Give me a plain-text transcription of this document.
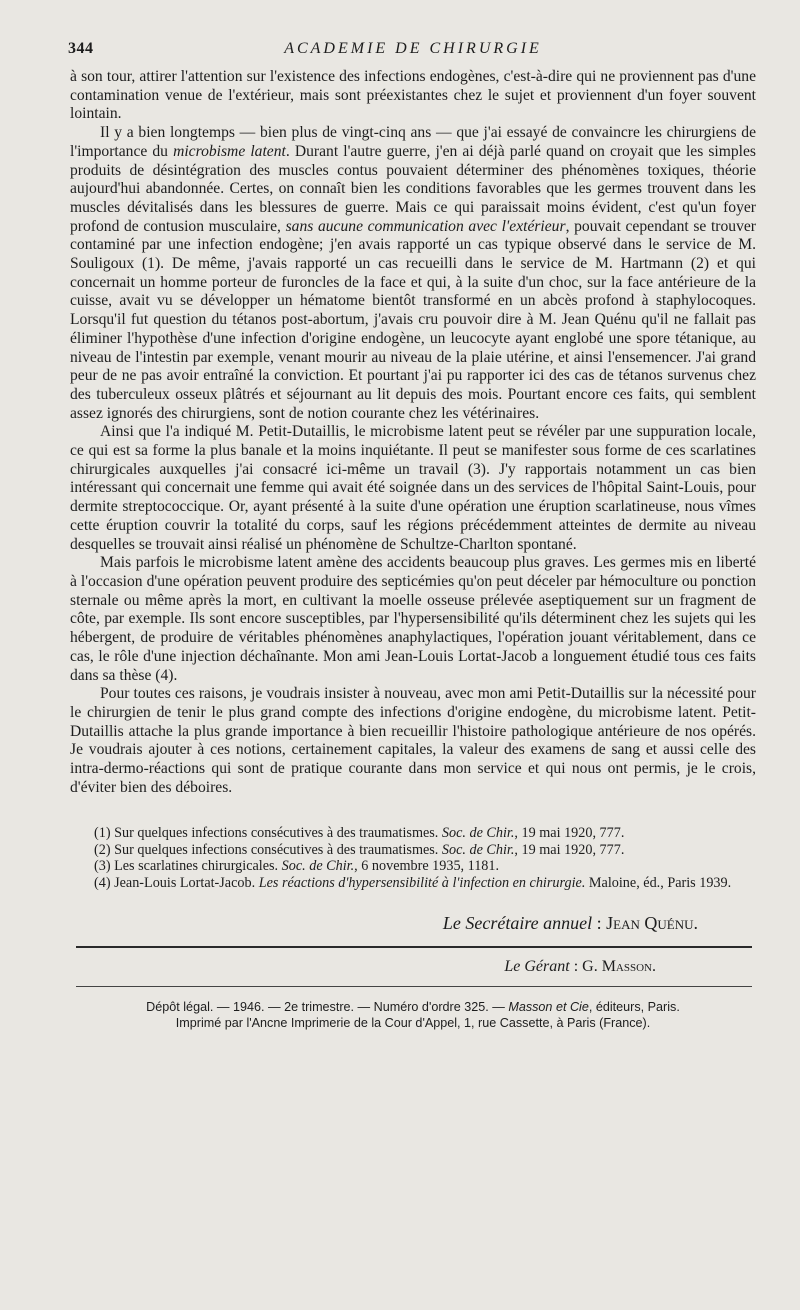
344	ACADEMIE DE CHIRURGIE

à son tour, attirer l'attention sur l'existence des infections endogènes, c'est-à-dire qui ne proviennent pas d'une contamination venue de l'extérieur, mais sont préexistantes chez le sujet et proviennent d'un foyer souvent lointain.

Il y a bien longtemps — bien plus de vingt-cinq ans — que j'ai essayé de convaincre les chirurgiens de l'importance du microbisme latent. Durant l'autre guerre, j'en ai déjà parlé quand on croyait que les simples produits de désintégration des muscles contus pouvaient déterminer des phénomènes toxiques, théorie aujourd'hui abandonnée. Certes, on connaît bien les conditions favorables que les germes trouvent dans les muscles dévitalisés dans les blessures de guerre. Mais ce qui paraissait moins évident, c'est qu'un foyer profond de contusion musculaire, sans aucune communication avec l'extérieur, pouvait cependant se trouver contaminé par une infection endogène; j'en avais rapporté un cas typique observé dans le service de M. Souligoux (1). De même, j'avais rapporté un cas recueilli dans le service de M. Hartmann (2) et qui concernait un homme porteur de furoncles de la face et qui, à la suite d'un choc, sur la face antérieure de la cuisse, avait vu se développer un hématome bientôt transformé en un abcès profond à staphylocoques. Lorsqu'il fut question du tétanos post-abortum, j'avais cru pouvoir dire à M. Jean Quénu qu'il ne fallait pas éliminer l'hypothèse d'une infection d'origine endogène, un leucocyte ayant englobé une spore tétanique, au niveau de l'intestin par exemple, venant mourir au niveau de la plaie utérine, et ainsi l'ensemencer. J'ai grand peur de ne pas avoir entraîné la conviction. Et pourtant j'ai pu rapporter ici des cas de tétanos survenus chez des tuberculeux osseux plâtrés et séjournant au lit depuis des mois. Pourtant encore ces faits, qui semblent assez ignorés des chirurgiens, sont de notion courante chez les vétérinaires.

Ainsi que l'a indiqué M. Petit-Dutaillis, le microbisme latent peut se révéler par une suppuration locale, ce qui est sa forme la plus banale et la moins inquiétante. Il peut se manifester sous forme de ces scarlatines chirurgicales auxquelles j'ai consacré ici-même un travail (3). J'y rapportais notamment un cas bien intéressant qui concernait une femme qui avait été soignée dans un des services de l'hôpital Saint-Louis, pour dermite streptococcique. Or, ayant présenté à la suite d'une opération une éruption scarlatineuse, nous vîmes cette éruption couvrir la totalité du corps, sauf les régions précédemment atteintes de dermite au niveau desquelles se trouvait ainsi réalisé un phénomène de Schultze-Charlton spontané.

Mais parfois le microbisme latent amène des accidents beaucoup plus graves. Les germes mis en liberté à l'occasion d'une opération peuvent produire des septicémies qu'on peut déceler par hémoculture ou ponction sternale ou même après la mort, en cultivant la moelle osseuse prélevée aseptiquement sur un fragment de côte, par exemple. Ils sont encore susceptibles, par l'hypersensibilité qu'ils déterminent chez les sujets qui les hébergent, de produire de véritables phénomènes anaphylactiques, l'opération jouant véritablement, dans ce cas, le rôle d'une injection déchaînante. Mon ami Jean-Louis Lortat-Jacob a longuement étudié tous ces faits dans sa thèse (4).

Pour toutes ces raisons, je voudrais insister à nouveau, avec mon ami Petit-Dutaillis sur la nécessité pour le chirurgien de tenir le plus grand compte des infections d'origine endogène, du microbisme latent. Petit-Dutaillis attache la plus grande importance à bien recueillir l'histoire pathologique antérieure de nos opérés. Je voudrais ajouter à ces notions, certainement capitales, la valeur des examens de sang et aussi celle des intra-dermo-réactions qui sont de pratique courante dans mon service et qui nous ont permis, je le crois, d'éviter bien des déboires.

(1) Sur quelques infections consécutives à des traumatismes. Soc. de Chir., 19 mai 1920, 777.

(2) Sur quelques infections consécutives à des traumatismes. Soc. de Chir., 19 mai 1920, 777.

(3) Les scarlatines chirurgicales. Soc. de Chir., 6 novembre 1935, 1181.

(4) Jean-Louis Lortat-Jacob. Les réactions d'hypersensibilité à l'infection en chirurgie. Maloine, éd., Paris 1939.

Le Secrétaire annuel : Jean Quénu.
Le Gérant : G. Masson.
Dépôt légal. — 1946. — 2e trimestre. — Numéro d'ordre 325. — Masson et Cie, éditeurs, Paris.
Imprimé par l'Ancne Imprimerie de la Cour d'Appel, 1, rue Cassette, à Paris (France).
